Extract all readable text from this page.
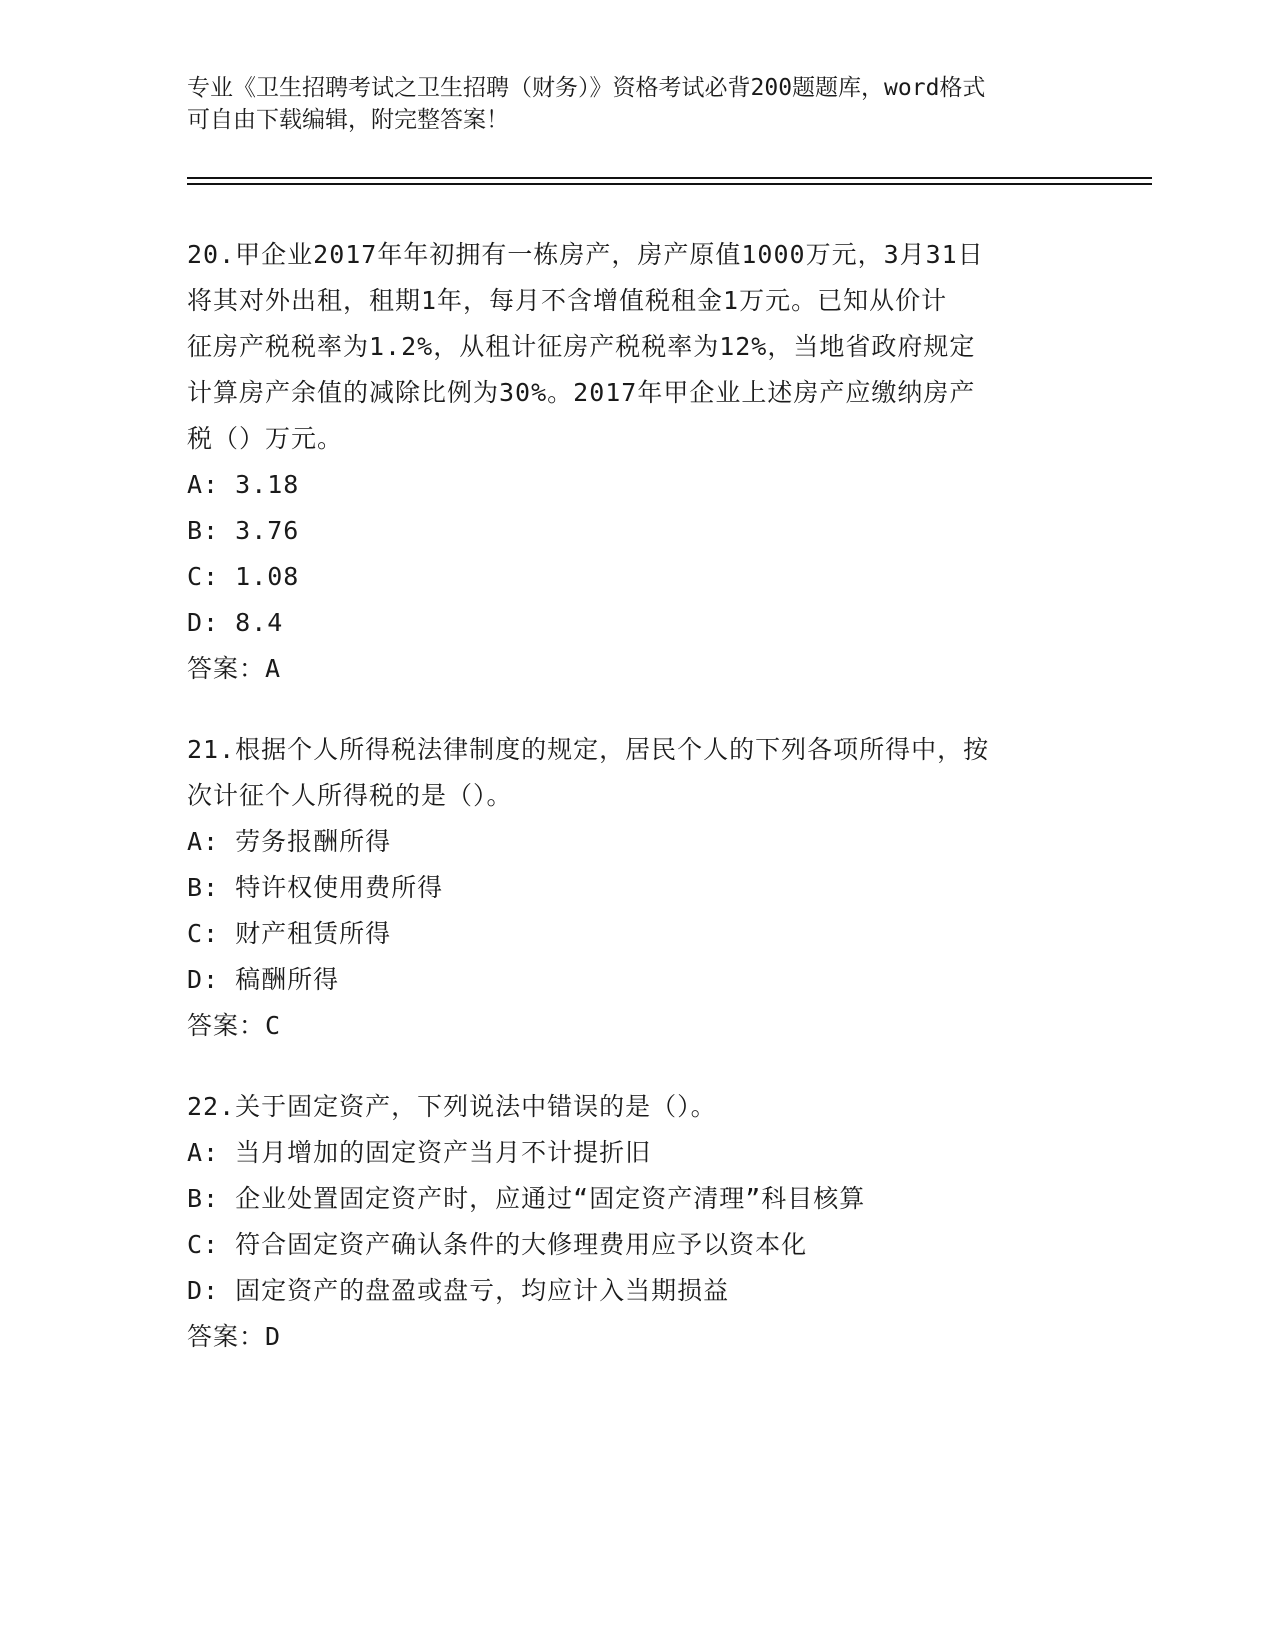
专业《卫生招聘考试之卫生招聘（财务）》资格考试必背200题题库，word格式
可自由下载编辑，附完整答案！
20.甲企业2017年年初拥有一栋房产，房产原值1000万元，3月31日
将其对外出租，租期1年，每月不含增值税租金1万元。已知从价计
征房产税税率为1.2%，从租计征房产税税率为12%，当地省政府规定
计算房产余值的减除比例为30%。2017年甲企业上述房产应缴纳房产
税（）万元。
A: 3.18
B: 3.76
C: 1.08
D: 8.4
答案：A
21.根据个人所得税法律制度的规定，居民个人的下列各项所得中，按
次计征个人所得税的是（）。
A: 劳务报酬所得
B: 特许权使用费所得
C: 财产租赁所得
D: 稿酬所得
答案：C
22.关于固定资产，下列说法中错误的是（）。
A: 当月增加的固定资产当月不计提折旧
B: 企业处置固定资产时，应通过“固定资产清理”科目核算
C: 符合固定资产确认条件的大修理费用应予以资本化
D: 固定资产的盘盈或盘亏，均应计入当期损益
答案：D
